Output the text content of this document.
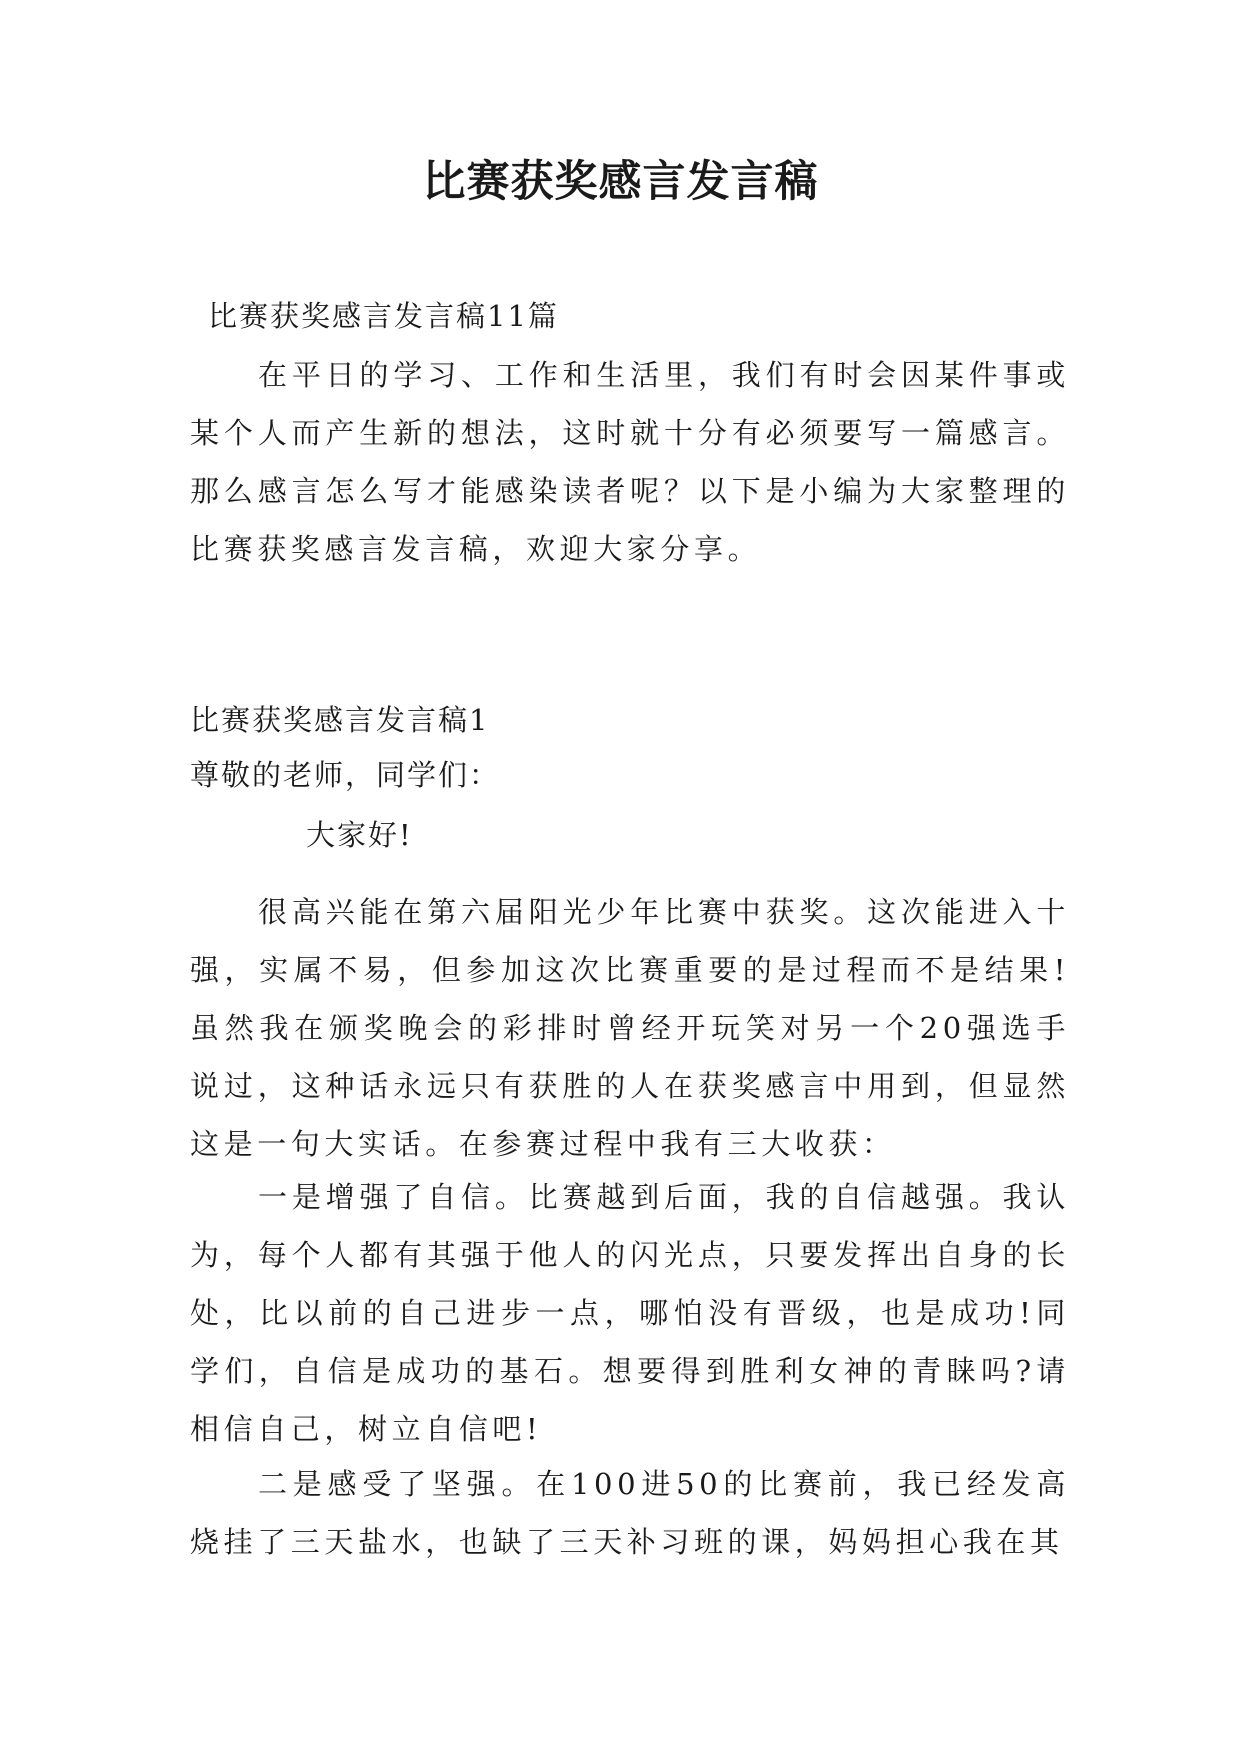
比赛获奖感言发言稿

比赛获奖感言发言稿11篇

在平日的学习、工作和生活里，我们有时会因某件事或某个人而产生新的想法，这时就十分有必须要写一篇感言。那么感言怎么写才能感染读者呢？以下是小编为大家整理的比赛获奖感言发言稿，欢迎大家分享。

比赛获奖感言发言稿1

尊敬的老师，同学们：

大家好!

很高兴能在第六届阳光少年比赛中获奖。这次能进入十强，实属不易，但参加这次比赛重要的是过程而不是结果!虽然我在颁奖晚会的彩排时曾经开玩笑对另一个20强选手说过，这种话永远只有获胜的人在获奖感言中用到，但显然这是一句大实话。在参赛过程中我有三大收获：

一是增强了自信。比赛越到后面，我的自信越强。我认为，每个人都有其强于他人的闪光点，只要发挥出自身的长处，比以前的自己进步一点，哪怕没有晋级，也是成功!同学们，自信是成功的基石。想要得到胜利女神的青睐吗?请相信自己，树立自信吧!

二是感受了坚强。在100进50的比赛前，我已经发高烧挂了三天盐水，也缺了三天补习班的课，妈妈担心我在其
